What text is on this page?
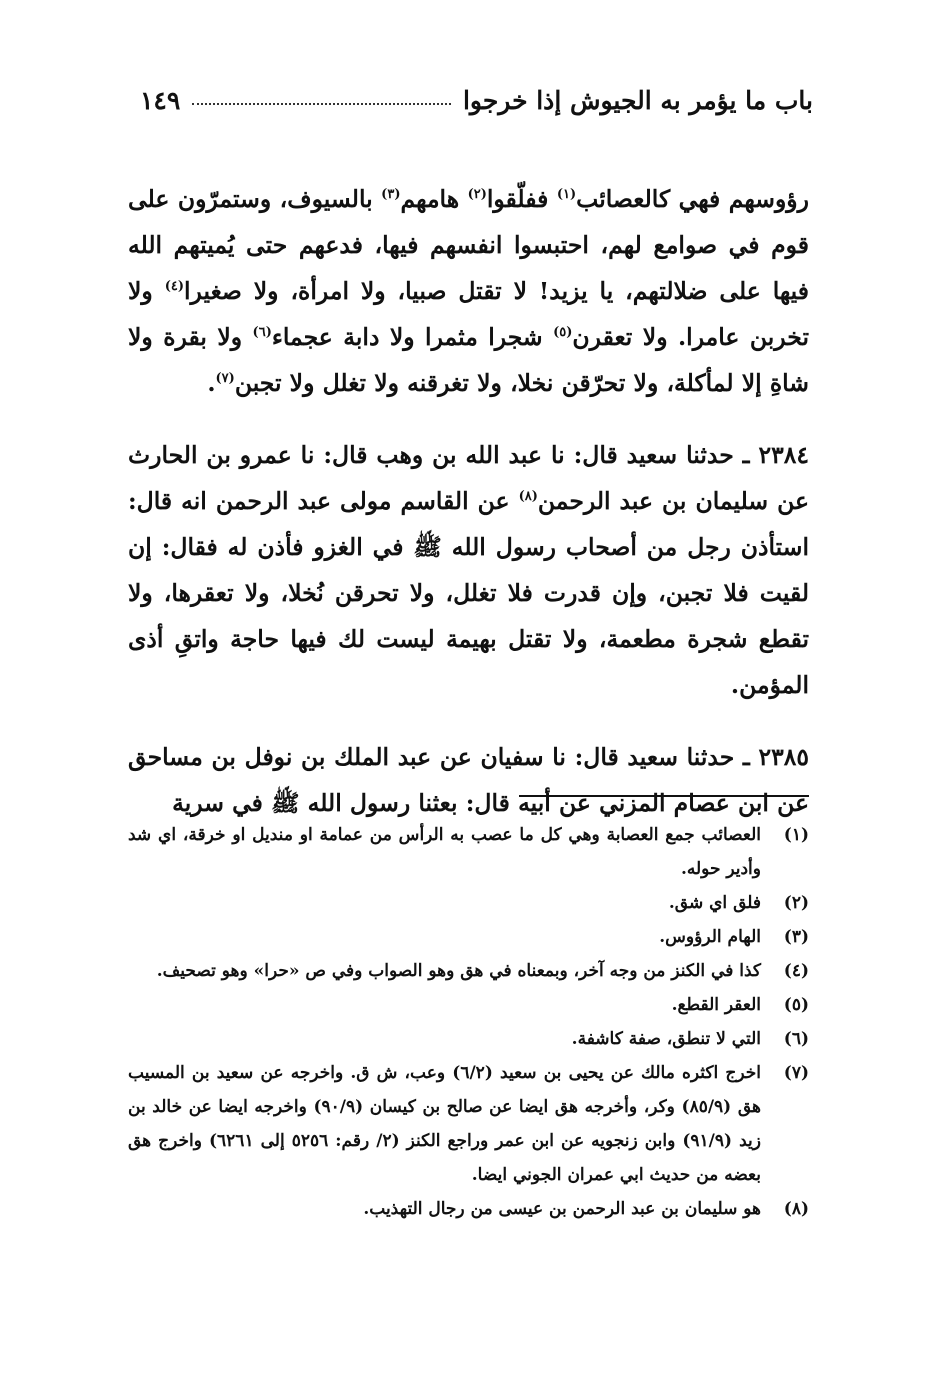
باب ما يؤمر به الجيوش إذا خرجوا
١٤٩

رؤوسهم فهي كالعصائب$^{(١)}$ ففلّقوا$^{(٢)}$ هامهم$^{(٣)}$ بالسيوف، وستمرّون على قوم في صوامع لهم، احتبسوا انفسهم فيها، فدعهم حتى يُميتهم الله فيها على ضلالتهم، يا يزيد! لا تقتل صبيا، ولا امرأة، ولا صغيرا$^{(٤)}$ ولا تخربن عامرا. ولا تعقرن$^{(٥)}$ شجرا مثمرا ولا دابة عجماء$^{(٦)}$ ولا بقرة ولا شاةِ إلا لمأكلة، ولا تحرّقن نخلا، ولا تغرقنه ولا تغلل ولا تجبن$^{(٧)}$.

٢٣٨٤ ـ حدثنا سعيد قال: نا عبد الله بن وهب قال: نا عمرو بن الحارث عن سليمان بن عبد الرحمن$^{(٨)}$ عن القاسم مولى عبد الرحمن انه قال: استأذن رجل من أصحاب رسول الله ﷺ في الغزو فأذن له فقال: إن لقيت فلا تجبن، وإن قدرت فلا تغلل، ولا تحرقن نُخلا، ولا تعقرها، ولا تقطع شجرة مطعمة، ولا تقتل بهيمة ليست لك فيها حاجة واتقِ أذى المؤمن.

٢٣٨٥ ـ حدثنا سعيد قال: نا سفيان عن عبد الملك بن نوفل بن مساحق عن ابن عصام المزني عن أبيه قال: بعثنا رسول الله ﷺ في سرية

(١)
العصائب جمع العصابة وهي كل ما عصب به الرأس من عمامة او منديل او خرقة، اي شد وأدير حوله.
(٢)
فلق اي شق.
(٣)
الهام الرؤوس.
(٤)
كذا في الكنز من وجه آخر، وبمعناه في هق وهو الصواب وفي ص «حرا» وهو تصحيف.
(٥)
العقر القطع.
(٦)
التي لا تنطق، صفة كاشفة.
(٧)
اخرج اكثره مالك عن يحيى بن سعيد (٦/٢) وعب، ش ق. واخرجه عن سعيد بن المسيب هق (٨٥/٩) وكر، وأخرجه هق ايضا عن صالح بن كيسان (٩٠/٩) واخرجه ايضا عن خالد بن زيد (٩١/٩) وابن زنجويه عن ابن عمر وراجع الكنز (٢/ رقم: ٥٢٥٦ إلى ٦٢٦١) واخرج هق بعضه من حديث ابي عمران الجوني ايضا.
(٨)
هو سليمان بن عبد الرحمن بن عيسى من رجال التهذيب.
